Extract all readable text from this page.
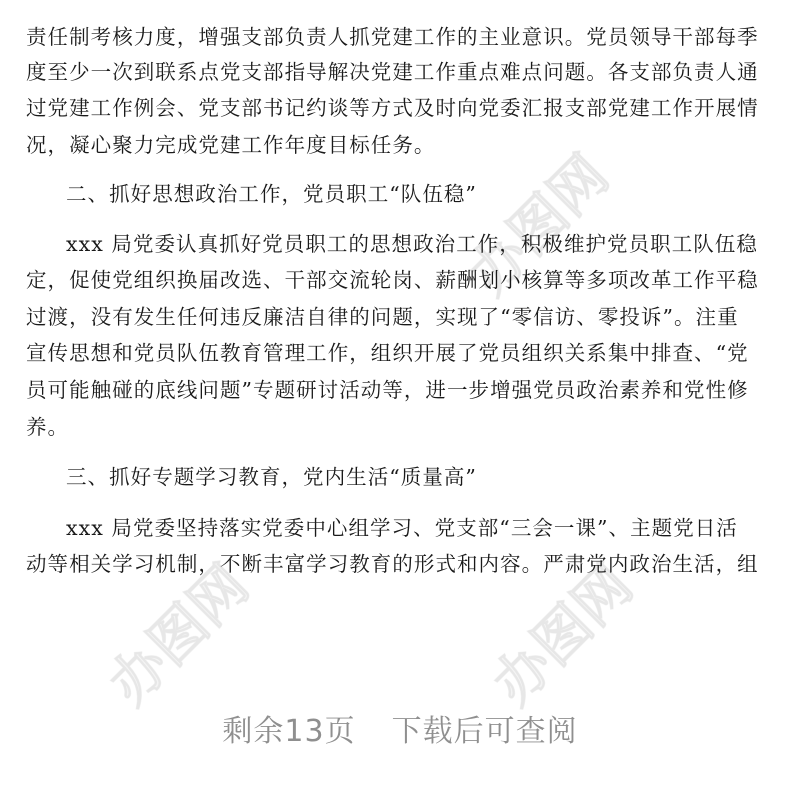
办图网
办图网	办图网
责任制考核力度，增强支部负责人抓党建工作的主业意识。党员领导干部每季
度至少一次到联系点党支部指导解决党建工作重点难点问题。各支部负责人通
过党建工作例会、党支部书记约谈等方式及时向党委汇报支部党建工作开展情
况，凝心聚力完成党建工作年度目标任务。
二、抓好思想政治工作，党员职工“队伍稳”
xxx 局党委认真抓好党员职工的思想政治工作，积极维护党员职工队伍稳
定，促使党组织换届改选、干部交流轮岗、薪酬划小核算等多项改革工作平稳
过渡，没有发生任何违反廉洁自律的问题，实现了“零信访、零投诉”。注重
宣传思想和党员队伍教育管理工作，组织开展了党员组织关系集中排查、“党
员可能触碰的底线问题”专题研讨活动等，进一步增强党员政治素养和党性修
养。
三、抓好专题学习教育，党内生活“质量高”
xxx 局党委坚持落实党委中心组学习、党支部“三会一课”、主题党日活
动等相关学习机制，不断丰富学习教育的形式和内容。严肃党内政治生活，组
剩余13页 下载后可查阅
